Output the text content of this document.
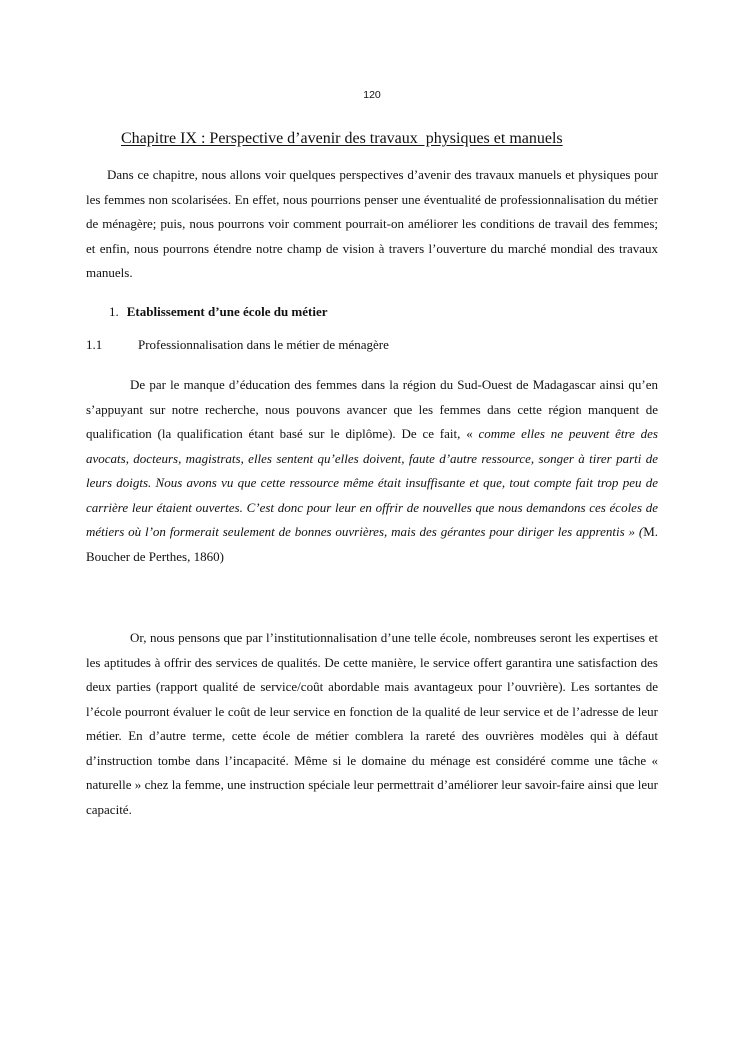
120
Chapitre IX : Perspective d’avenir des travaux  physiques et manuels

Dans ce chapitre, nous allons voir quelques perspectives d’avenir des travaux manuels et physiques pour les femmes non scolarisées. En effet, nous pourrions penser une éventualité de professionnalisation du métier de ménagère; puis, nous pourrons voir comment pourrait-on améliorer les conditions de travail des femmes; et enfin, nous pourrons étendre notre champ de vision à travers l’ouverture du marché mondial des travaux manuels.

1. Etablissement d’une école du métier
1.1	Professionnalisation dans le métier de ménagère

De par le manque d’éducation des femmes dans la région du Sud-Ouest de Madagascar ainsi qu’en s’appuyant sur notre recherche, nous pouvons avancer que les femmes dans cette région manquent de qualification (la qualification étant basé sur le diplôme). De ce fait, « comme elles ne peuvent être des avocats, docteurs, magistrats, elles sentent qu’elles doivent, faute d’autre ressource, songer à tirer parti de leurs doigts. Nous avons vu que cette ressource même était insuffisante et que, tout compte fait trop peu de carrière leur étaient ouvertes. C’est donc pour leur en offrir de nouvelles que nous demandons ces écoles de métiers où l’on formerait seulement de bonnes ouvrières, mais des gérantes pour diriger les apprentis » (M. Boucher de Perthes, 1860)

Or, nous pensons que par l’institutionnalisation d’une telle école, nombreuses seront les expertises et les aptitudes à offrir des services de qualités. De cette manière, le service offert garantira une satisfaction des deux parties (rapport qualité de service/coût abordable mais avantageux pour l’ouvrière). Les sortantes de l’école pourront évaluer le coût de leur service en fonction de la qualité de leur service et de l’adresse de leur métier. En d’autre terme, cette école de métier comblera la rareté des ouvrières modèles qui à défaut d’instruction tombe dans l’incapacité. Même si le domaine du ménage est considéré comme une tâche « naturelle » chez la femme, une instruction spéciale leur permettrait d’améliorer leur savoir-faire ainsi que leur capacité.
